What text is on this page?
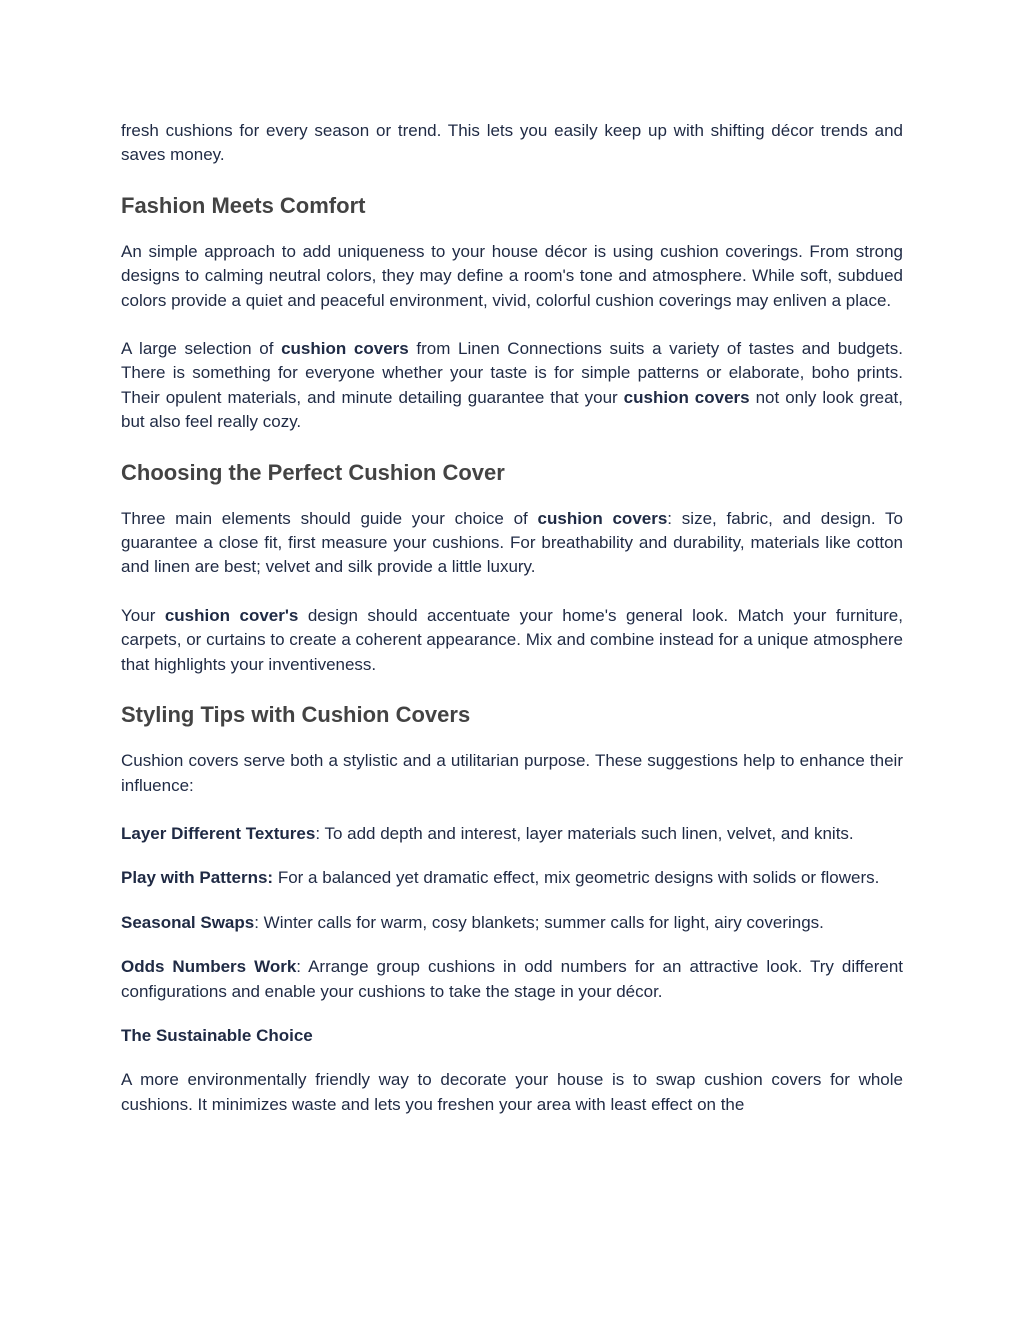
fresh cushions for every season or trend. This lets you easily keep up with shifting décor trends and saves money.

Fashion Meets Comfort

An simple approach to add uniqueness to your house décor is using cushion coverings. From strong designs to calming neutral colors, they may define a room's tone and atmosphere. While soft, subdued colors provide a quiet and peaceful environment, vivid, colorful cushion coverings may enliven a place.

A large selection of cushion covers from Linen Connections suits a variety of tastes and budgets. There is something for everyone whether your taste is for simple patterns or elaborate, boho prints. Their opulent materials, and minute detailing guarantee that your cushion covers not only look great, but also feel really cozy.

Choosing the Perfect Cushion Cover

Three main elements should guide your choice of cushion covers: size, fabric, and design. To guarantee a close fit, first measure your cushions. For breathability and durability, materials like cotton and linen are best; velvet and silk provide a little luxury.

Your cushion cover's design should accentuate your home's general look. Match your furniture, carpets, or curtains to create a coherent appearance. Mix and combine instead for a unique atmosphere that highlights your inventiveness.

Styling Tips with Cushion Covers

Cushion covers serve both a stylistic and a utilitarian purpose. These suggestions help to enhance their influence:

Layer Different Textures: To add depth and interest, layer materials such linen, velvet, and knits.

Play with Patterns: For a balanced yet dramatic effect, mix geometric designs with solids or flowers.

Seasonal Swaps: Winter calls for warm, cosy blankets; summer calls for light, airy coverings.

Odds Numbers Work: Arrange group cushions in odd numbers for an attractive look. Try different configurations and enable your cushions to take the stage in your décor.

The Sustainable Choice

A more environmentally friendly way to decorate your house is to swap cushion covers for whole cushions. It minimizes waste and lets you freshen your area with least effect on the
